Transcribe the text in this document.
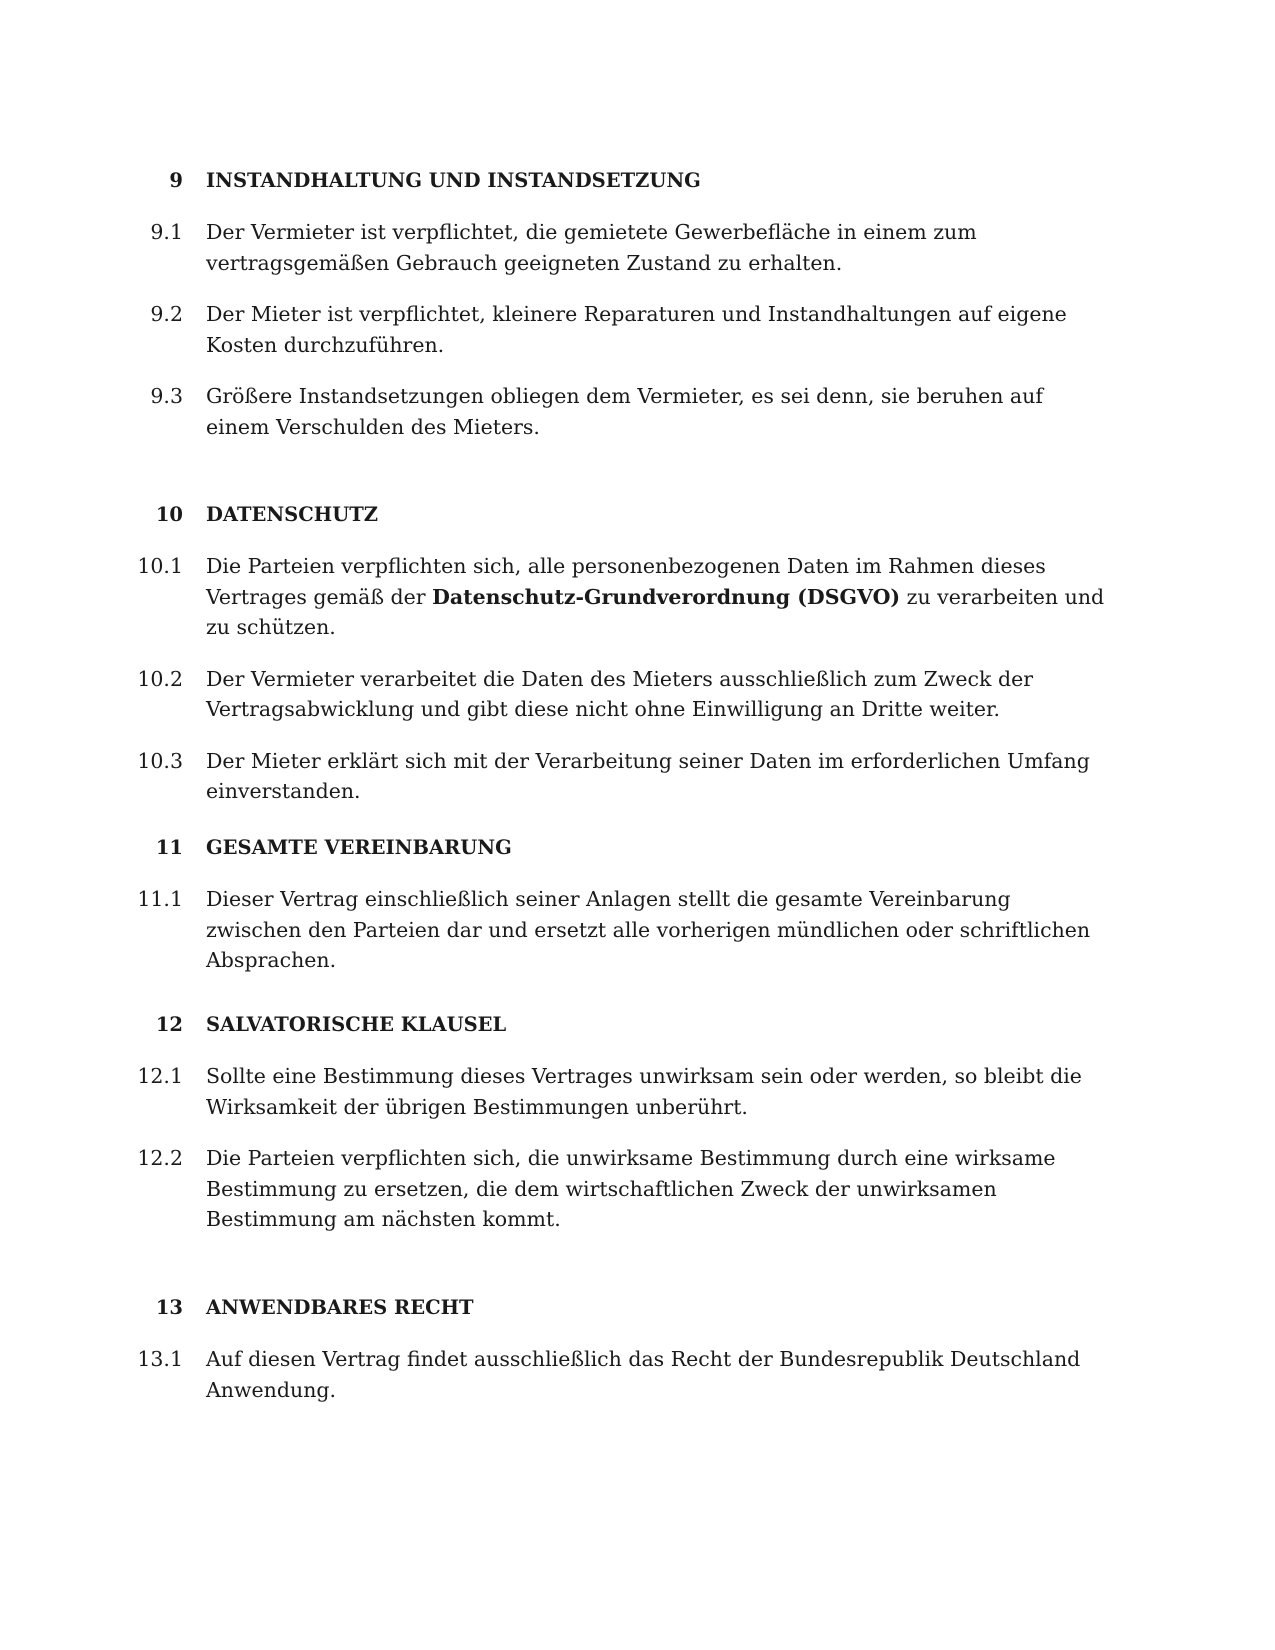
9 INSTANDHALTUNG UND INSTANDSETZUNG
9.1 Der Vermieter ist verpflichtet, die gemietete Gewerbefläche in einem zum vertragsgemäßen Gebrauch geeigneten Zustand zu erhalten.
9.2 Der Mieter ist verpflichtet, kleinere Reparaturen und Instandhaltungen auf eigene Kosten durchzuführen.
9.3 Größere Instandsetzungen obliegen dem Vermieter, es sei denn, sie beruhen auf einem Verschulden des Mieters.
10 DATENSCHUTZ
10.1 Die Parteien verpflichten sich, alle personenbezogenen Daten im Rahmen dieses Vertrages gemäß der Datenschutz-Grundverordnung (DSGVO) zu verarbeiten und zu schützen.
10.2 Der Vermieter verarbeitet die Daten des Mieters ausschließlich zum Zweck der Vertragsabwicklung und gibt diese nicht ohne Einwilligung an Dritte weiter.
10.3 Der Mieter erklärt sich mit der Verarbeitung seiner Daten im erforderlichen Umfang einverstanden.
11 GESAMTE VEREINBARUNG
11.1 Dieser Vertrag einschließlich seiner Anlagen stellt die gesamte Vereinbarung zwischen den Parteien dar und ersetzt alle vorherigen mündlichen oder schriftlichen Absprachen.
12 SALVATORISCHE KLAUSEL
12.1 Sollte eine Bestimmung dieses Vertrages unwirksam sein oder werden, so bleibt die Wirksamkeit der übrigen Bestimmungen unberührt.
12.2 Die Parteien verpflichten sich, die unwirksame Bestimmung durch eine wirksame Bestimmung zu ersetzen, die dem wirtschaftlichen Zweck der unwirksamen Bestimmung am nächsten kommt.
13 ANWENDBARES RECHT
13.1 Auf diesen Vertrag findet ausschließlich das Recht der Bundesrepublik Deutschland Anwendung.
